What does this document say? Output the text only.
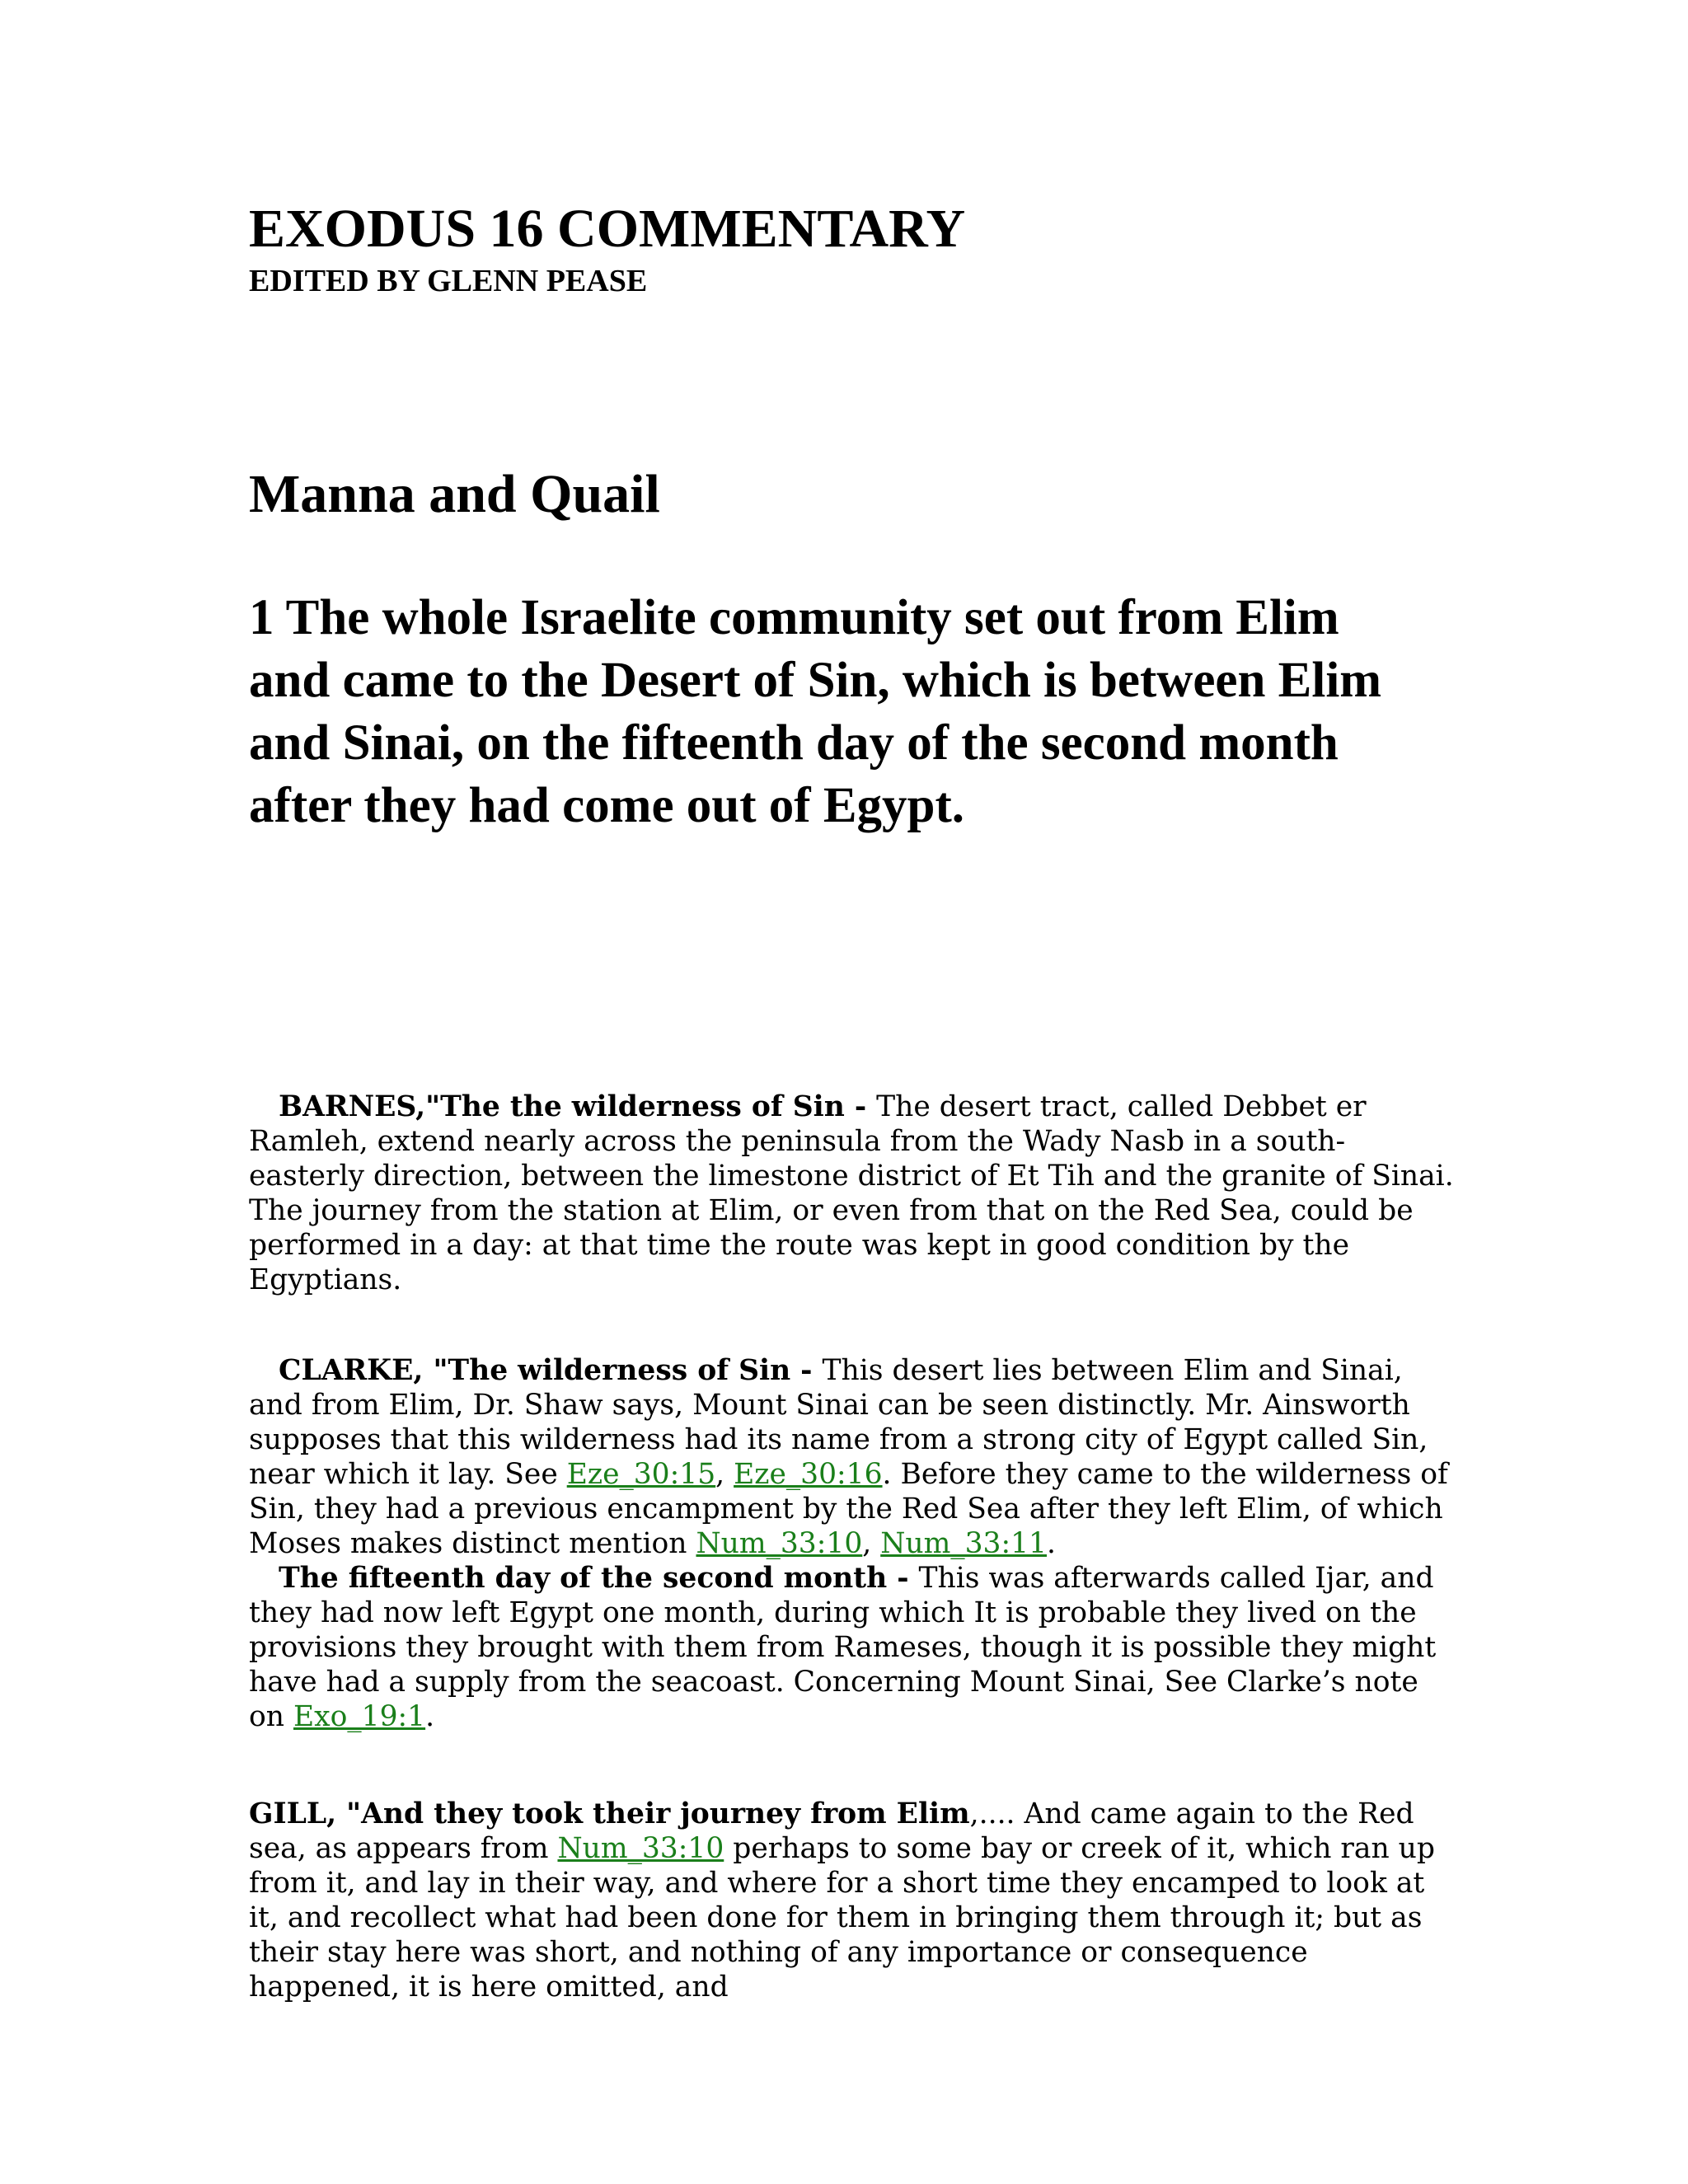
EXODUS 16 COMMENTARY
EDITED BY GLENN PEASE
Manna and Quail

1 The whole Israelite community set out from Elim and came to the Desert of Sin, which is between Elim and Sinai, on the fifteenth day of the second month after they had come out of Egypt.

BARNES,"The the wilderness of Sin - The desert tract, called Debbet er Ramleh, extend nearly across the peninsula from the Wady Nasb in a south-easterly direction, between the limestone district of Et Tih and the granite of Sinai. The journey from the station at Elim, or even from that on the Red Sea, could be performed in a day: at that time the route was kept in good condition by the Egyptians.

CLARKE, "The wilderness of Sin - This desert lies between Elim and Sinai, and from Elim, Dr. Shaw says, Mount Sinai can be seen distinctly. Mr. Ainsworth supposes that this wilderness had its name from a strong city of Egypt called Sin, near which it lay. See Eze_30:15, Eze_30:16. Before they came to the wilderness of Sin, they had a previous encampment by the Red Sea after they left Elim, of which Moses makes distinct mention Num_33:10, Num_33:11.

The fifteenth day of the second month - This was afterwards called Ijar, and they had now left Egypt one month, during which It is probable they lived on the provisions they brought with them from Rameses, though it is possible they might have had a supply from the seacoast. Concerning Mount Sinai, See Clarke’s note on Exo_19:1.

GILL, "And they took their journey from Elim,.... And came again to the Red sea, as appears from Num_33:10 perhaps to some bay or creek of it, which ran up from it, and lay in their way, and where for a short time they encamped to look at it, and recollect what had been done for them in bringing them through it; but as their stay here was short, and nothing of any importance or consequence happened, it is here omitted, and
